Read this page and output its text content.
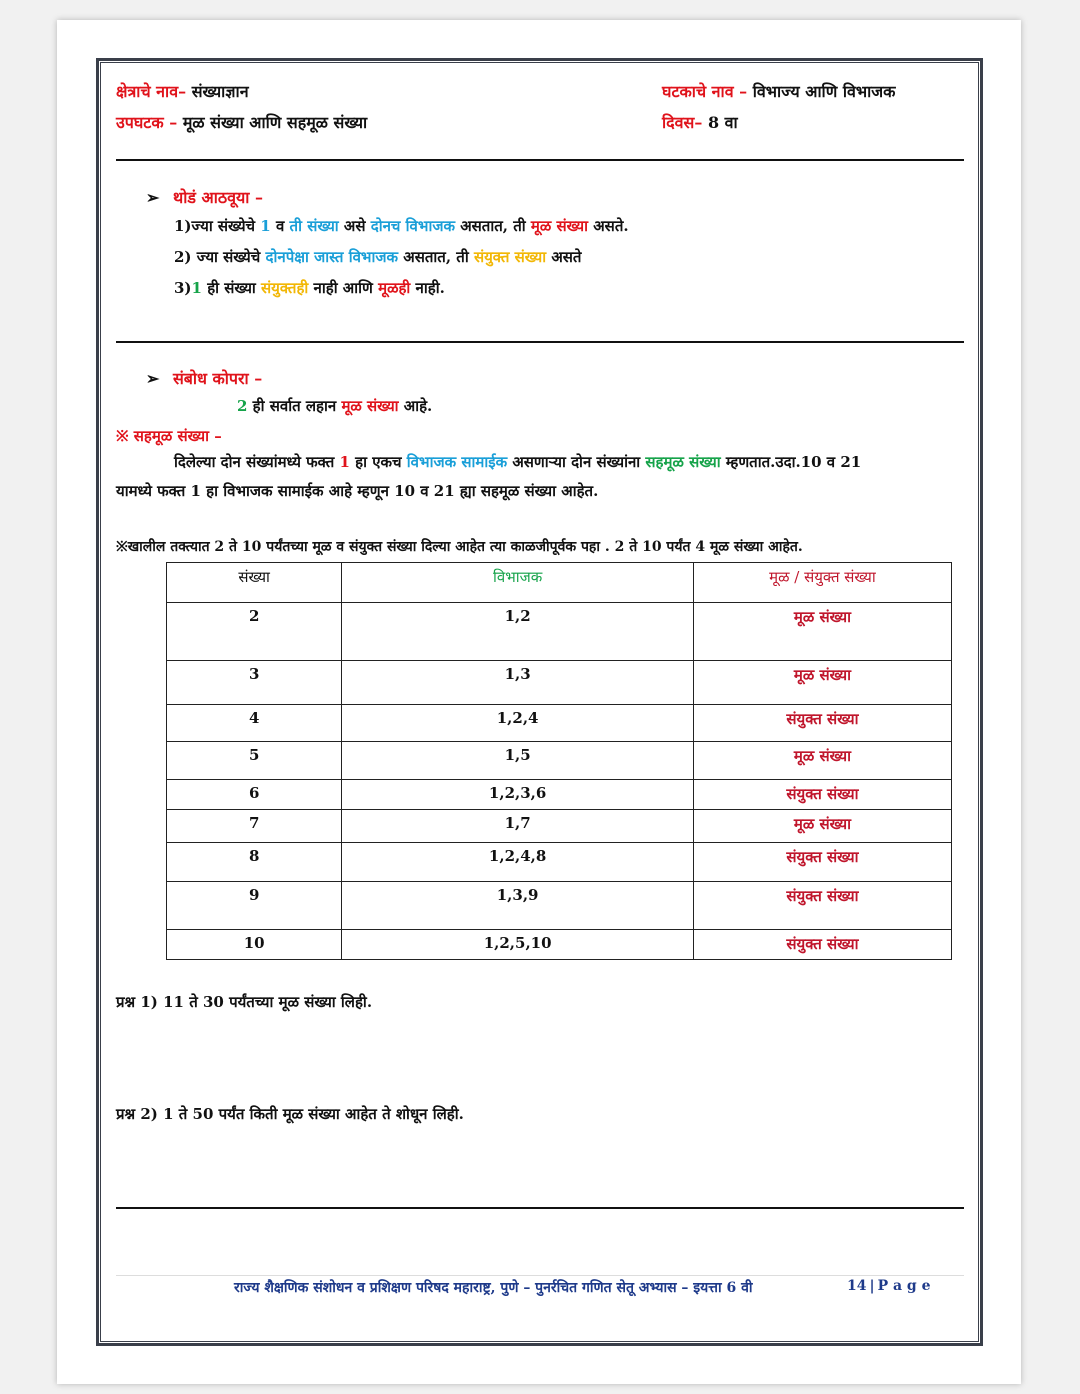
क्षेत्राचे नाव– संख्याज्ञान	घटकाचे नाव – विभाज्य आणि विभाजक
उपघटक – मूळ संख्या आणि सहमूळ संख्या	दिवस– 8 वा
➢ थोडं आठवूया –
1)ज्या संख्येचे 1 व ती संख्या असे दोनच विभाजक असतात, ती मूळ संख्या असते.
2) ज्या संख्येचे दोनपेक्षा जास्त विभाजक असतात, ती संयुक्त संख्या असते
3)1 ही संख्या संयुक्तही नाही आणि मूळही नाही.
➢ संबोध कोपरा –
2 ही सर्वात लहान मूळ संख्या आहे.
※ सहमूळ संख्या –
दिलेल्या दोन संख्यांमध्ये फक्त 1 हा एकच विभाजक सामाईक असणाऱ्या दोन संख्यांना सहमूळ संख्या म्हणतात.उदा.10 व 21
यामध्ये फक्त 1 हा विभाजक सामाईक आहे म्हणून 10 व 21 ह्या सहमूळ संख्या आहेत.
※खालील तक्त्यात 2 ते 10 पर्यंतच्या मूळ व संयुक्त संख्या दिल्या आहेत त्या काळजीपूर्वक पहा . 2 ते 10 पर्यंत 4 मूळ संख्या आहेत.
संख्या	विभाजक	मूळ / संयुक्त संख्या
2	1,2	मूळ संख्या
3	1,3	मूळ संख्या
4	1,2,4	संयुक्त संख्या
5	1,5	मूळ संख्या
6	1,2,3,6	संयुक्त संख्या
7	1,7	मूळ संख्या
8	1,2,4,8	संयुक्त संख्या
9	1,3,9	संयुक्त संख्या
10	1,2,5,10	संयुक्त संख्या
प्रश्न 1) 11 ते 30 पर्यंतच्या मूळ संख्या लिही.
प्रश्न 2) 1 ते 50 पर्यंत किती मूळ संख्या आहेत ते शोधून लिही.
राज्य शैक्षणिक संशोधन व प्रशिक्षण परिषद महाराष्ट्र, पुणे – पुनर्रचित गणित सेतू अभ्यास – इयत्ता 6 वी	14 | P a g e
